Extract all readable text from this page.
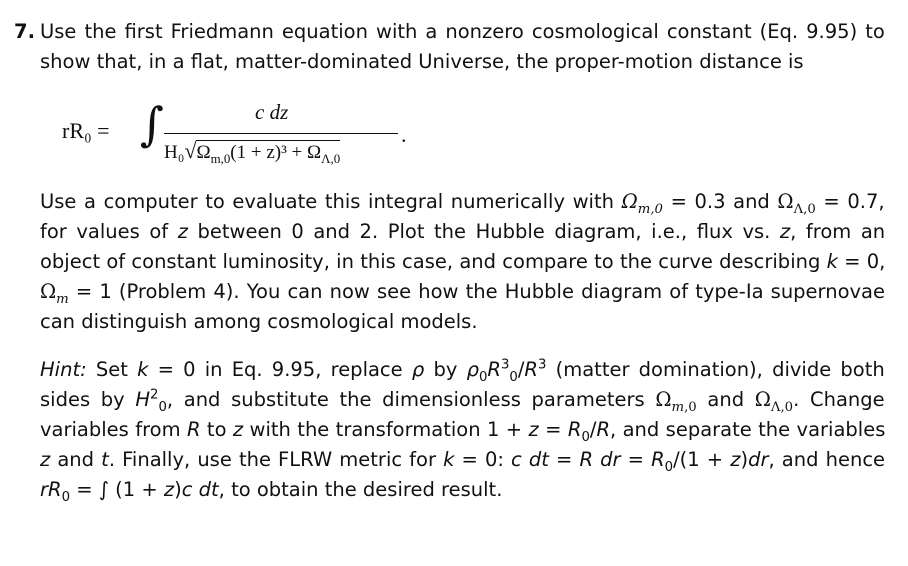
7. Use the first Friedmann equation with a nonzero cosmological constant (Eq. 9.95) to
show that, in a flat, matter-dominated Universe, the proper-motion distance is

rR₀ = ∫	c dz
$H_0√\Omega_{m,0}(1 + z)^3 + \Omega_{\Lambda,0}$
.

Use a computer to evaluate this integral numerically with $\Omega_{m,0} = 0.3$ and $\Omega_{\Lambda,0} = 0.7$,
for values of z between 0 and 2. Plot the Hubble diagram, i.e., flux vs. z, from an
object of constant luminosity, in this case, and compare to the curve describing k = 0,
$\Omega_m = 1$ (Problem 4). You can now see how the Hubble diagram of type-Ia supernovae
can distinguish among cosmological models.

Hint: Set k = 0 in Eq. 9.95, replace ρ by $\rho_0R^3_0/R^3$ (matter domination), divide both
sides by $H^2_0$, and substitute the dimensionless parameters $\Omega_{m,0}$ and $\Omega_{\Lambda,0}$. Change
variables from R to z with the transformation $1 + z = R_0/R$, and separate the variables
z and t. Finally, use the FLRW metric for k = 0: c dt = R dr = $R_0/(1 + z)dr$, and hence
$rR_0$ = ∫ (1 + z)c dt, to obtain the desired result.
